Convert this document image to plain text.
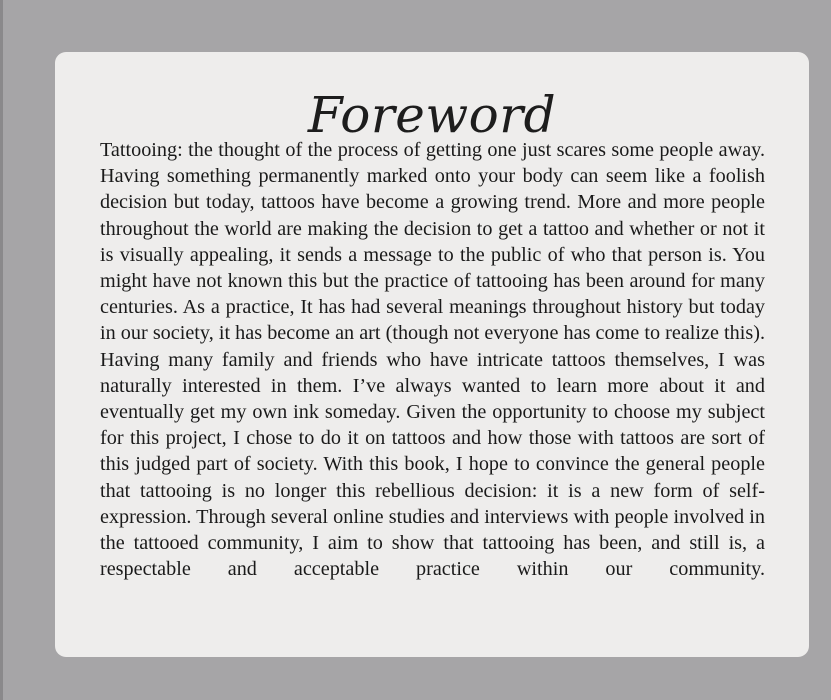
Foreword

Tattooing: the thought of the process of getting one just scares some people away. Having something permanently marked onto your body can seem like a foolish decision but today, tattoos have become a growing trend. More and more people throughout the world are making the decision to get a tattoo and whether or not it is visually appealing, it sends a message to the public of who that person is. You might have not known this but the practice of tattooing has been around for many centuries. As a practice, It has had several meanings throughout history but today in our society, it has become an art (though not everyone has come to realize this). Having many family and friends who have intricate tattoos themselves, I was naturally interested in them. I’ve always wanted to learn more about it and eventually get my own ink someday. Given the opportunity to choose my subject for this project, I chose to do it on tattoos and how those with tattoos are sort of this judged part of society. With this book, I hope to convince the general people that tattooing is no longer this rebellious decision: it is a new form of self-expression. Through several online studies and interviews with people involved in the tattooed community, I aim to show that tattooing has been, and still is, a respectable and acceptable practice within our community.
